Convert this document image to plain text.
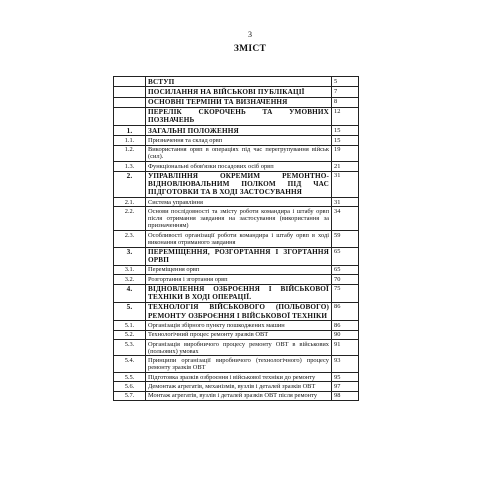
3
ЗМІСТ
	ВСТУП	5
	ПОСИЛАННЯ НА ВІЙСЬКОВІ ПУБЛІКАЦІЇ	7
	ОСНОВНІ ТЕРМІНИ ТА ВИЗНАЧЕННЯ	8
	ПЕРЕЛІК СКОРОЧЕНЬ ТА УМОВНИХ ПОЗНАЧЕНЬ	12
1.	ЗАГАЛЬНІ ПОЛОЖЕННЯ	15
1.1.	Призначення та склад орвп	15
1.2.	Використання орвп в операціях під час перегрупування військ (сил).	19
1.3.	Функціональні обов'язки посадових осіб орвп	21
2.	УПРАВЛІННЯ ОКРЕМИМ РЕМОНТНО-ВІДНОВЛЮВАЛЬНИМ ПОЛКОМ ПІД ЧАС ПІДГОТОВКИ ТА В ХОДІ ЗАСТОСУВАННЯ	31
2.1.	Система управління	31
2.2.	Основи послідовності та змісту роботи командира і штабу орвп після отримання завдання на застосування (використання за призначенням)	34
2.3.	Особливості організації роботи командира і штабу орвп в ході виконання отриманого завдання	59
3.	ПЕРЕМІЩЕННЯ, РОЗГОРТАННЯ І ЗГОРТАННЯ ОРВП	65
3.1.	Переміщення орвп	65
3.2.	Розгортання і згортання орвп	70
4.	ВІДНОВЛЕННЯ ОЗБРОЄННЯ І ВІЙСЬКОВОЇ ТЕХНІКИ В ХОДІ ОПЕРАЦІЇ.	75
5.	ТЕХНОЛОГІЯ ВІЙСЬКОВОГО (ПОЛЬОВОГО) РЕМОНТУ ОЗБРОЄННЯ І ВІЙСЬКОВОЇ ТЕХНІКИ	86
5.1.	Організація збірного пункту пошкоджених машин	86
5.2.	Технологічний процес ремонту зразків ОВТ	90
5.3.	Організація виробничого процесу ремонту ОВТ в військових (польових) умовах	91
5.4.	Принципи організації виробничого (технологічного) процесу ремонту зразків ОВТ	93
5.5.	Підготовка зразків озброєння і військової техніки до ремонту	95
5.6.	Демонтаж агрегатів, механізмів, вузлів і деталей зразків ОВТ	97
5.7.	Монтаж агрегатів, вузлів і деталей зразків ОВТ після ремонту	98
